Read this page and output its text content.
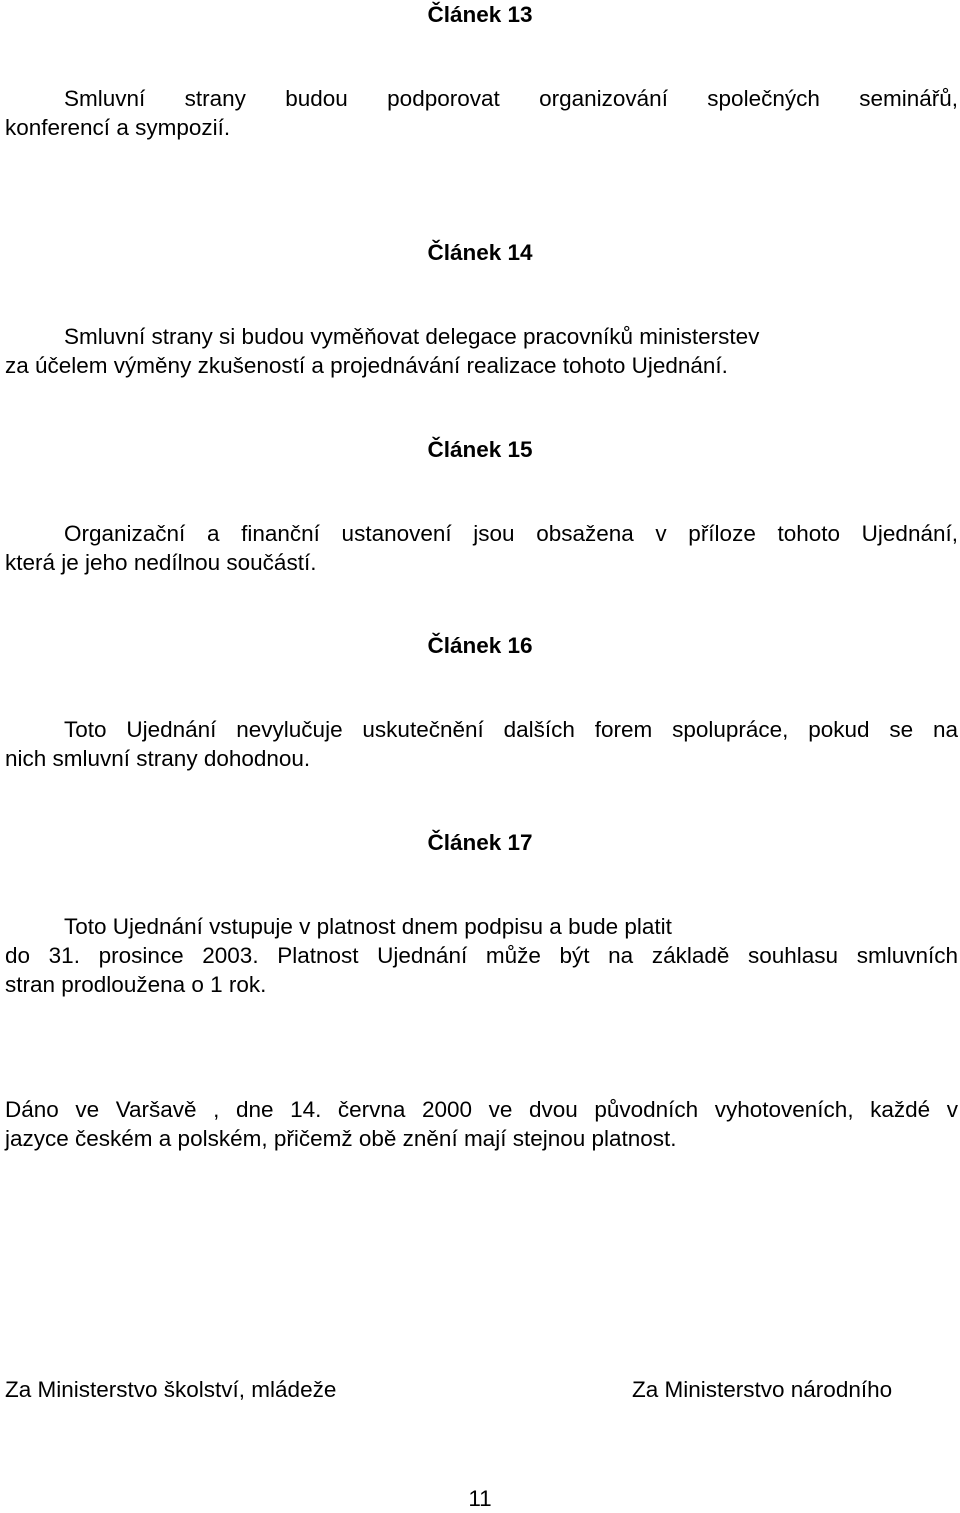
Článek 13
Smluvní strany budou podporovat organizování společných seminářů,
konferencí a sympozií.
Článek 14
Smluvní strany si budou vyměňovat delegace pracovníků ministerstev
za účelem výměny zkušeností a projednávání realizace tohoto Ujednání.
Článek 15
Organizační a finanční ustanovení jsou obsažena v příloze tohoto Ujednání,
která je jeho nedílnou součástí.
Článek 16
Toto Ujednání nevylučuje uskutečnění dalších forem spolupráce, pokud se na
nich smluvní strany dohodnou.
Článek 17
Toto Ujednání vstupuje v platnost dnem podpisu a bude platit
do 31. prosince 2003. Platnost Ujednání může být na základě souhlasu smluvních
stran prodloužena o 1 rok.
Dáno ve Varšavě , dne 14. června 2000 ve dvou původních vyhotoveních, každé v
jazyce českém a polském, přičemž obě znění mají stejnou platnost.
Za Ministerstvo školství, mládeže	Za Ministerstvo národního
11
